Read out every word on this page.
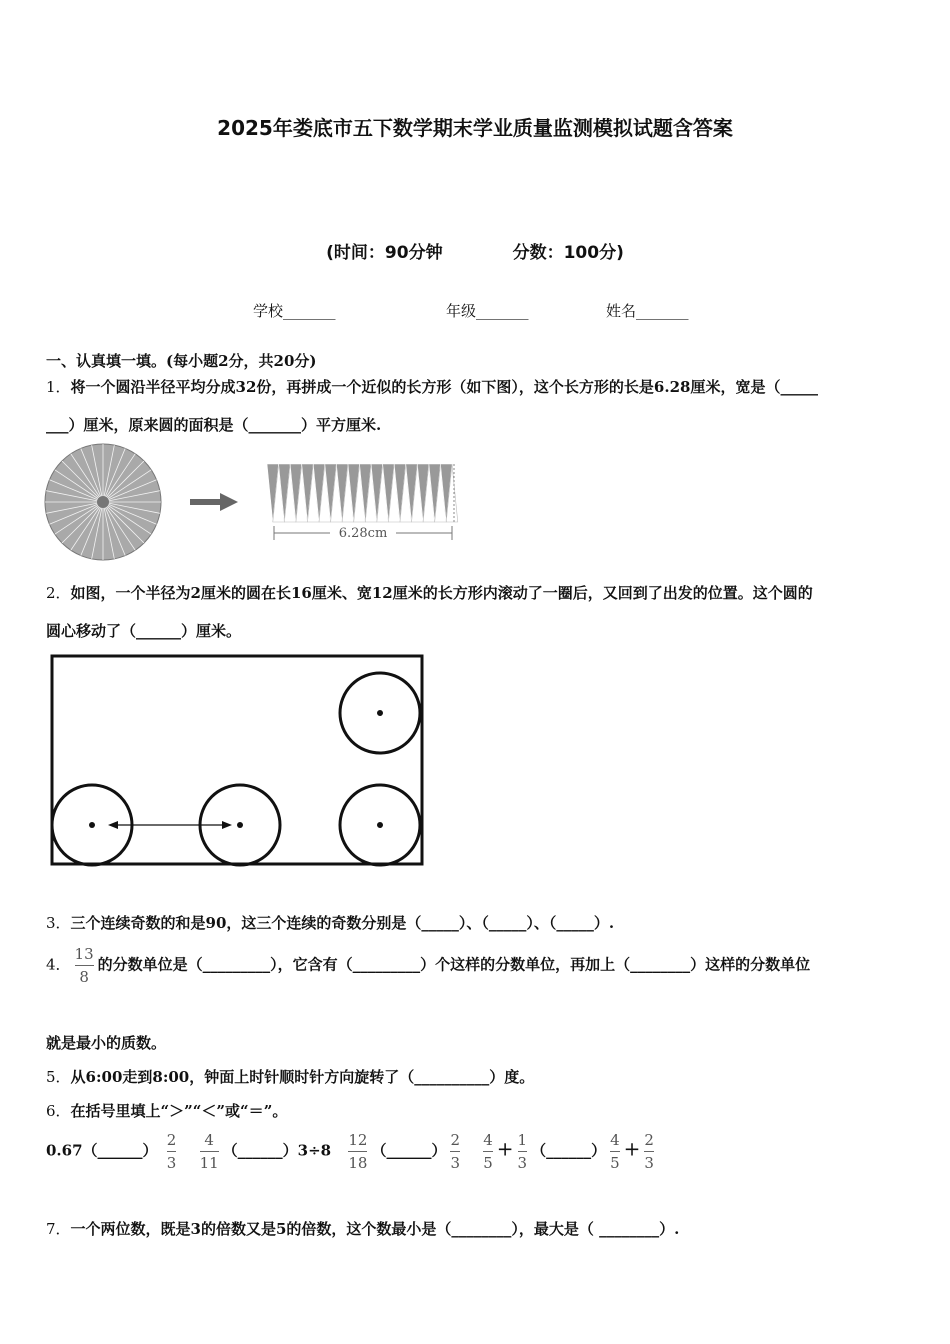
2025年娄底市五下数学期末学业质量监测模拟试题含答案
(时间：90分钟	分数：100分)
学校_______	年级_______	姓名_______
一、认真填一填。(每小题2分，共20分)
1．将一个圆沿半径平均分成32份，再拼成一个近似的长方形（如下图），这个长方形的长是6.28厘米，宽是（_____
___）厘米，原来圆的面积是（_______）平方厘米.
6.28cm
2．如图，一个半径为2厘米的圆在长16厘米、宽12厘米的长方形内滚动了一圈后，又回到了出发的位置。这个圆的
圆心移动了（______）厘米。
3．三个连续奇数的和是90，这三个连续的奇数分别是（_____）、（_____）、（_____）.
4． $\frac{13}{8}$ 的分数单位是（_________），它含有（_________）个这样的分数单位，再加上（________）这样的分数单位
就是最小的质数。
5．从6:00走到8:00，钟面上时针顺时针方向旋转了（__________）度。
6．在括号里填上“＞”“＜”或“＝”。
0.67（______） $\frac{2}{3}$
$\frac{4}{11}$ （______）3÷8 $\frac{12}{18}$ （______） $\frac{2}{3}$
$\frac{4}{5} + \frac{1}{3}$ （______） $\frac{4}{5} + \frac{2}{3}$
7．一个两位数，既是3的倍数又是5的倍数，这个数最小是（________），最大是（ ________）.
